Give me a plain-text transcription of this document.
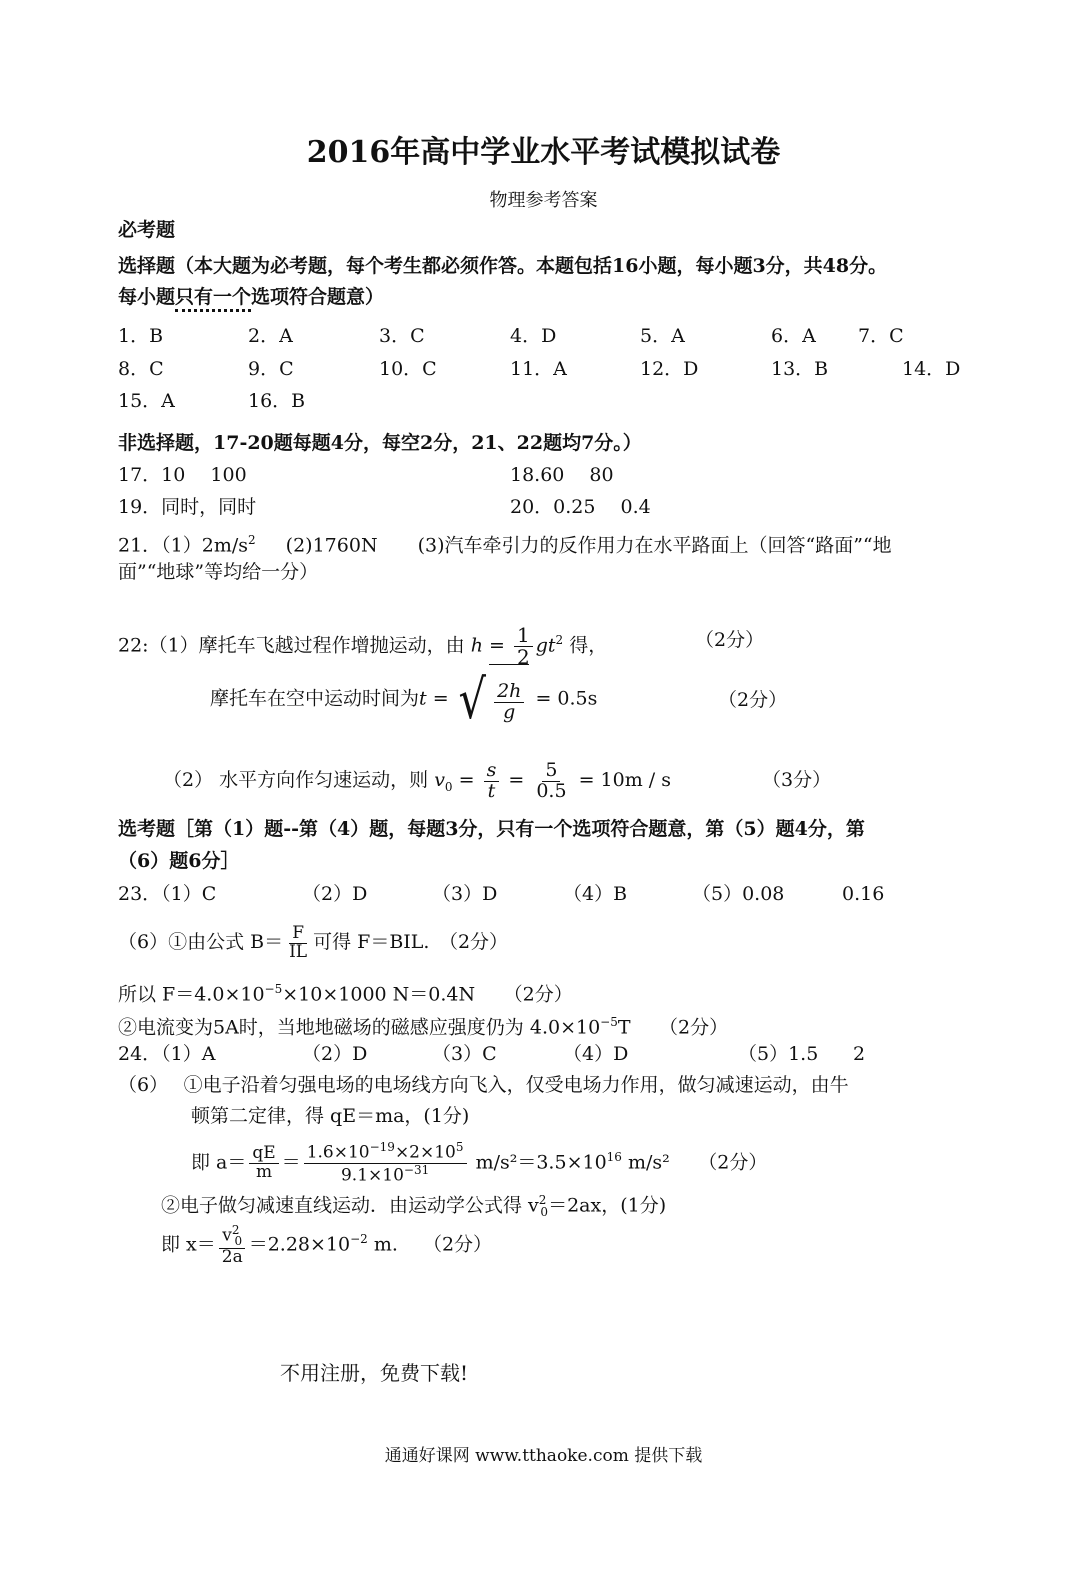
2016年高中学业水平考试模拟试卷
物理参考答案
必考题
选择题（本大题为必考题，每个考生都必须作答。本题包括16小题，每小题3分，共48分。
每小题只有一个选项符合题意）
1．B	2．A	3．C	4．D	5．A	6．A 7．C
8．C	9．C	10．C	11．A	12．D	13．B	14．D
15．A	16．B
非选择题，17-20题每题4分，每空2分，21、22题均7分。）
17．10　 100	18.60　 80
19．同时，同时	20．0.25　 0.4
21．$(1)2m/s^2$ (2)1760N (3)汽车牵引力的反作用力在水平路面上（回答“路面”“地
面”“地球”等均给一分）
22:（1）摩托车飞越过程作增抛运动，由 $h = \frac{1}{2} gt^2$ 得，	（2分）
摩托车在空中运动时间为t = √ $\frac{2h}{g} = 0.5s$	（2分）
（2） 水平方向作匀速运动，则 $v_0 = \frac{s}{t} = \frac{5}{0.5} = 10m / s$	（3分）
选考题［第（1）题--第（4）题，每题3分，只有一个选项符合题意，第（5）题4分，第
（6）题6分］
23．（1）C	（2）D	（3）D	（4）B	（5）0.08	0.16
（6）①由公式 $B= \frac{F}{IL}$ 可得 F＝BIL.　（2分）
所以 $F=4.0\times 10^{-5}\times 10\times 1000$ N＝0.4N　　（2分）
②电流变为5A时，当地地磁场的磁感应强度仍为 $4.0\times 10^{-5}T$　　（2分）
24．（1）A	（2）D	（3）C	（4）D	（5）1.5 2
（6）　 ①电子沿着匀强电场的电场线方向飞入，仅受电场力作用，做匀减速运动，由牛
顿第二定律，得 qE＝ma，(1分)
即 $a= \frac{qE}{m} = \frac{1.6\times 10^{-19}\times 2\times 10^5}{9.1\times 10^{-31}} m/s^2=3.5\times 10^{16}$ m/s²　　（2分）
②电子做匀减速直线运动．由运动学公式得 $v^2_0=2ax$，(1分)
即 $x= \frac{v^2_0}{2a} =2.28\times 10^{-2}$ m.　 （2分）
不用注册，免费下载!
通通好课网 www.tthaoke.com 提供下载
